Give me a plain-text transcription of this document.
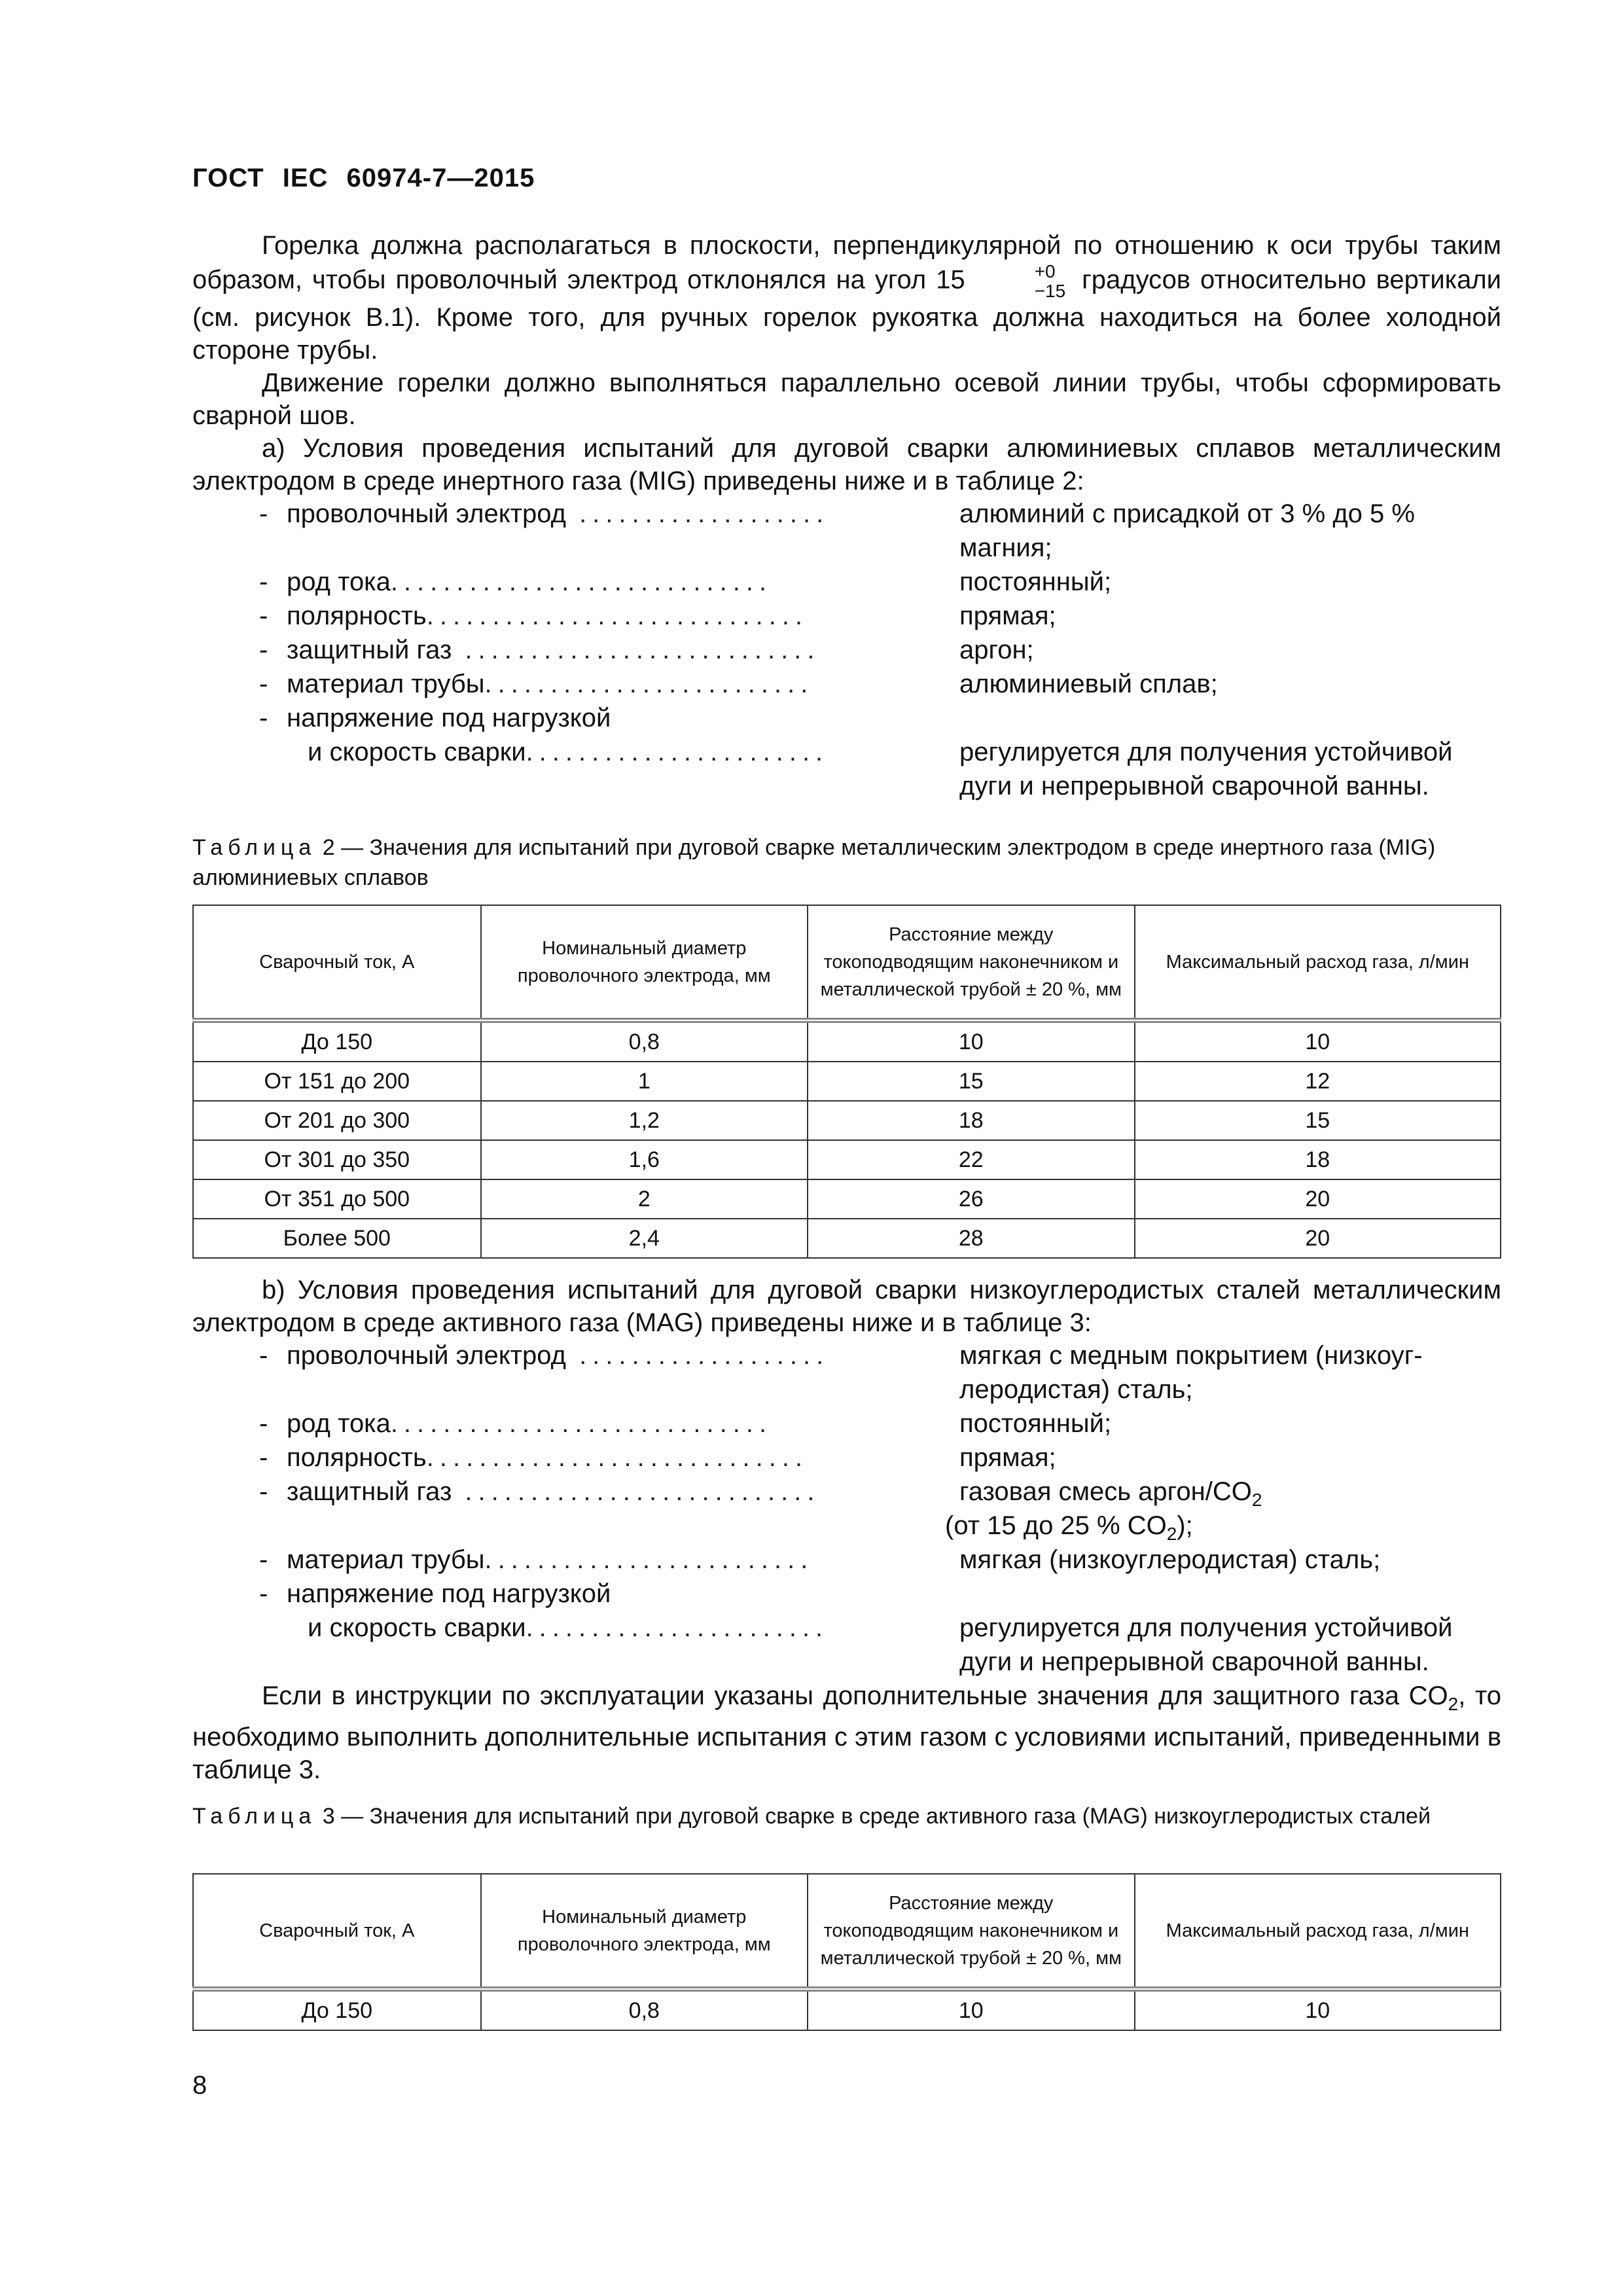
ГОСТ IEC 60974-7—2015

Горелка должна располагаться в плоскости, перпендикулярной по отношению к оси трубы таким образом, чтобы проволочный электрод отклонялся на угол 15	+0
−15 градусов относительно вертикали (см. рисунок В.1). Кроме того, для ручных горелок рукоятка должна находиться на более холодной стороне трубы.

Движение горелки должно выполняться параллельно осевой линии трубы, чтобы сформировать сварной шов.

а) Условия проведения испытаний для дуговой сварки алюминиевых сплавов металлическим электродом в среде инертного газа (MIG) приведены ниже и в таблице 2:

- проволочный электрод ...................	алюминий с присадкой от 3 % до 5 %
магния;
- род тока .............................	постоянный;
- полярность .............................	прямая;
- защитный газ ...........................	аргон;
- материал трубы .........................	алюминиевый сплав;
- напряжение под нагрузкой
и скорость сварки .......................	регулируется для получения устойчивой
дуги и непрерывной сварочной ванны.
Таблица 2 — Значения для испытаний при дуговой сварке металлическим электродом в среде инертного газа (MIG) алюминиевых сплавов
Сварочный ток, А	Номинальный диаметр проволочного электрода, мм	Расстояние между токоподводящим наконечником и металлической трубой ± 20 %, мм	Максимальный расход газа, л/мин
До 150	0,8	10	10
От 151 до 200	1	15	12
От 201 до 300	1,2	18	15
От 301 до 350	1,6	22	18
От 351 до 500	2	26	20
Более 500	2,4	28	20

b) Условия проведения испытаний для дуговой сварки низкоуглеродистых сталей металлическим электродом в среде активного газа (MAG) приведены ниже и в таблице 3:

- проволочный электрод ...................	мягкая с медным покрытием (низкоуг-
леродистая) сталь;
- род тока .............................	постоянный;
- полярность .............................	прямая;
- защитный газ ...........................	газовая смесь аргон/$CO_2$
(от 15 до 25 % $CO_2$);
- материал трубы .........................	мягкая (низкоуглеродистая) сталь;
- напряжение под нагрузкой
и скорость сварки .......................	регулируется для получения устойчивой
дуги и непрерывной сварочной ванны.

Если в инструкции по эксплуатации указаны дополнительные значения для защитного газа $CO_2$, то необходимо выполнить дополнительные испытания с этим газом с условиями испытаний, приведенными в таблице 3.

Таблица 3 — Значения для испытаний при дуговой сварке в среде активного газа (MAG) низкоуглеродистых сталей
Сварочный ток, А	Номинальный диаметр проволочного электрода, мм	Расстояние между токоподводящим наконечником и металлической трубой ± 20 %, мм	Максимальный расход газа, л/мин
До 150	0,8	10	10
8
